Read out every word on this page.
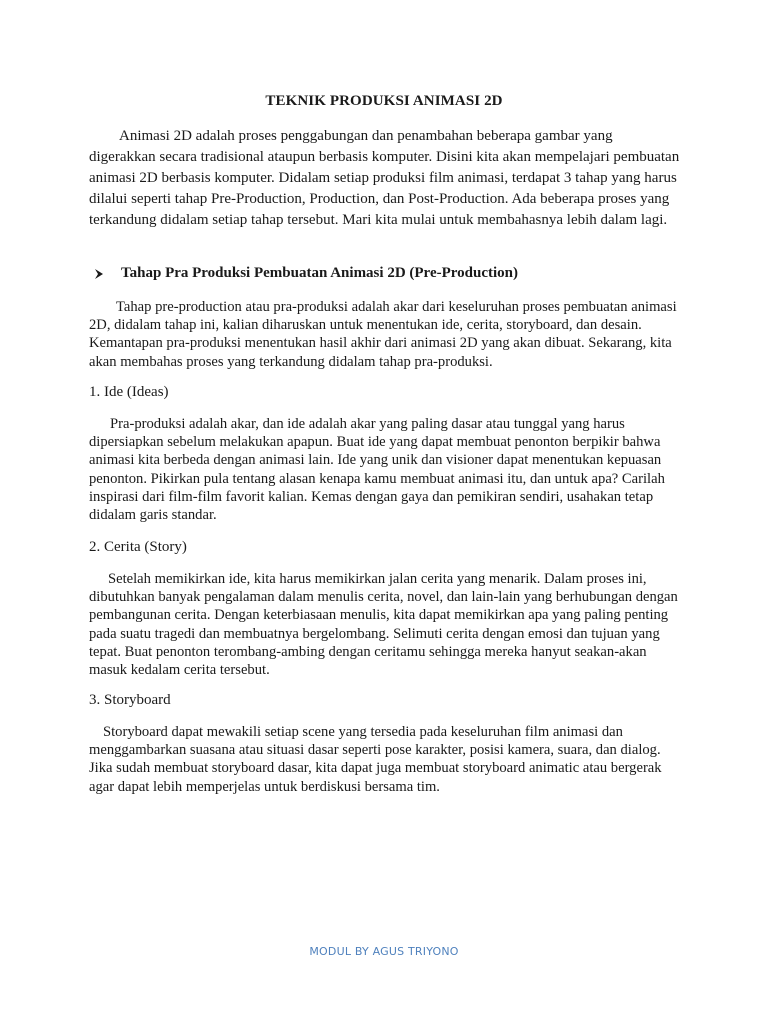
TEKNIK PRODUKSI ANIMASI 2D

Animasi 2D adalah proses penggabungan dan penambahan beberapa gambar yang digerakkan secara tradisional ataupun berbasis komputer. Disini kita akan mempelajari pembuatan animasi 2D berbasis komputer. Didalam setiap produksi film animasi, terdapat 3 tahap yang harus dilalui seperti tahap Pre-Production, Production, dan Post-Production. Ada beberapa proses yang terkandung didalam setiap tahap tersebut. Mari kita mulai untuk membahasnya lebih dalam lagi.

Tahap Pra Produksi Pembuatan Animasi 2D (Pre-Production)

Tahap pre-production atau pra-produksi adalah akar dari keseluruhan proses pembuatan animasi 2D, didalam tahap ini, kalian diharuskan untuk menentukan ide, cerita, storyboard, dan desain. Kemantapan pra-produksi menentukan hasil akhir dari animasi 2D yang akan dibuat. Sekarang, kita akan membahas proses yang terkandung didalam tahap pra-produksi.

1. Ide (Ideas)

Pra-produksi adalah akar, dan ide adalah akar yang paling dasar atau tunggal yang harus dipersiapkan sebelum melakukan apapun. Buat ide yang dapat membuat penonton berpikir bahwa animasi kita berbeda dengan animasi lain. Ide yang unik dan visioner dapat menentukan kepuasan penonton. Pikirkan pula tentang alasan kenapa kamu membuat animasi itu, dan untuk apa? Carilah inspirasi dari film-film favorit kalian. Kemas dengan gaya dan pemikiran sendiri, usahakan tetap didalam garis standar.

2. Cerita (Story)

Setelah memikirkan ide, kita harus memikirkan jalan cerita yang menarik. Dalam proses ini, dibutuhkan banyak pengalaman dalam menulis cerita, novel, dan lain-lain yang berhubungan dengan pembangunan cerita. Dengan keterbiasaan menulis, kita dapat memikirkan apa yang paling penting pada suatu tragedi dan membuatnya bergelombang. Selimuti cerita dengan emosi dan tujuan yang tepat. Buat penonton terombang-ambing dengan ceritamu sehingga mereka hanyut seakan-akan masuk kedalam cerita tersebut.

3. Storyboard

Storyboard dapat mewakili setiap scene yang tersedia pada keseluruhan film animasi dan menggambarkan suasana atau situasi dasar seperti pose karakter, posisi kamera, suara, dan dialog. Jika sudah membuat storyboard dasar, kita dapat juga membuat storyboard animatic atau bergerak agar dapat lebih memperjelas untuk berdiskusi bersama tim.

MODUL BY AGUS TRIYONO
